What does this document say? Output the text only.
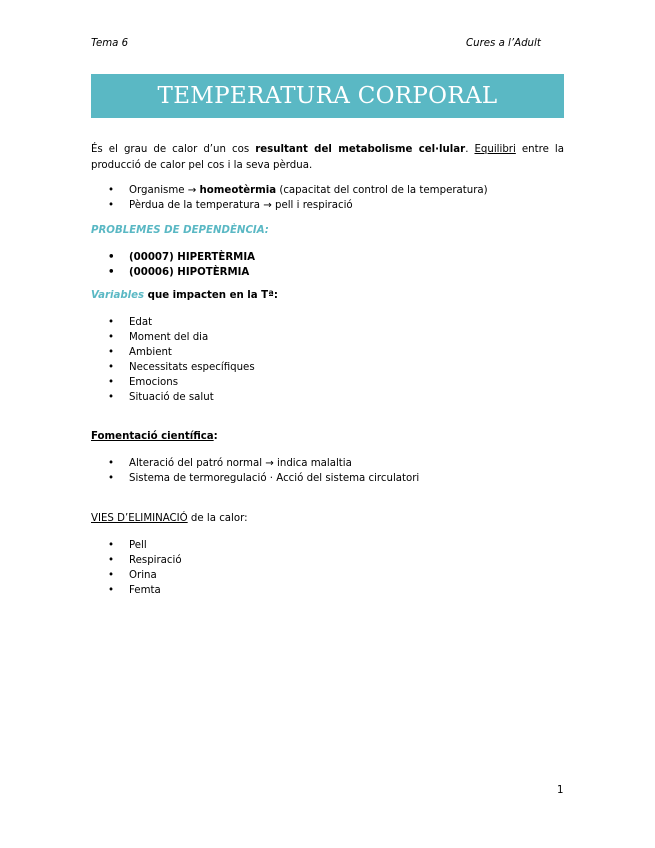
Tema 6	Cures a l’Adult
TEMPERATURA CORPORAL
És el grau de calor d’un cos resultant del metabolisme cel·lular. Equilibri entre la producció de calor pel cos i la seva pèrdua.
• Organisme → homeotèrmia (capacitat del control de la temperatura)
• Pèrdua de la temperatura → pell i respiració
PROBLEMES DE DEPENDÈNCIA:
• (00007) HIPERTÈRMIA
• (00006) HIPOTÈRMIA
Variables que impacten en la Tª:
• Edat
• Moment del dia
• Ambient
• Necessitats específiques
• Emocions
• Situació de salut
Fomentació científica:
• Alteració del patró normal → indica malaltia
• Sistema de termoregulació · Acció del sistema circulatori
VIES D’ELIMINACIÓ de la calor:
• Pell
• Respiració
• Orina
• Femta
1
